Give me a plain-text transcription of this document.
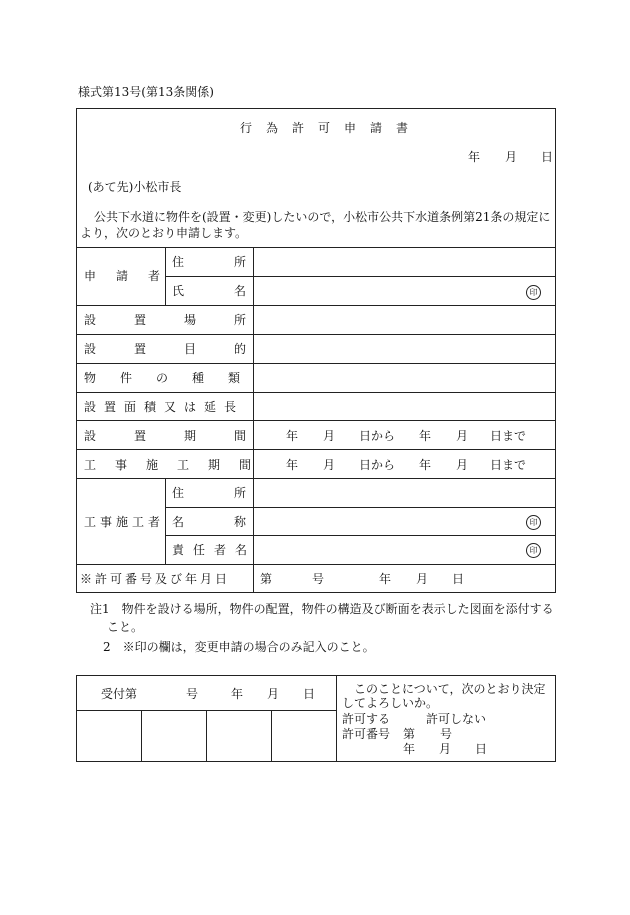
様式第13号(第13条関係)
行為許可申請書
年 月 日
(あて先)小松市長
公共下水道に物件を(設置・変更)したいので，小松市公共下水道条例第21条の規定に
より，次のとおり申請します。
申請者
住所
氏名	印
設置場所
設置目的
物件の種類
設置面積又は延長
設置期間 年 月 日から 年 月 日まで
工事施工期間 年 月 日から 年 月 日まで
工事施工者
住所
名称	印
責任者名	印
※許可番号及び年月日 第	号	年 月 日
注1　物件を設ける場所，物件の配置，物件の構造及び断面を表示した図面を添付する
こと。
2　※印の欄は，変更申請の場合のみ記入のこと。
受付第	号	年 月 日	このことについて，次のとおり決定
してよろしいか。
許可する	許可しない
許可番号 第 号
年 月 日
